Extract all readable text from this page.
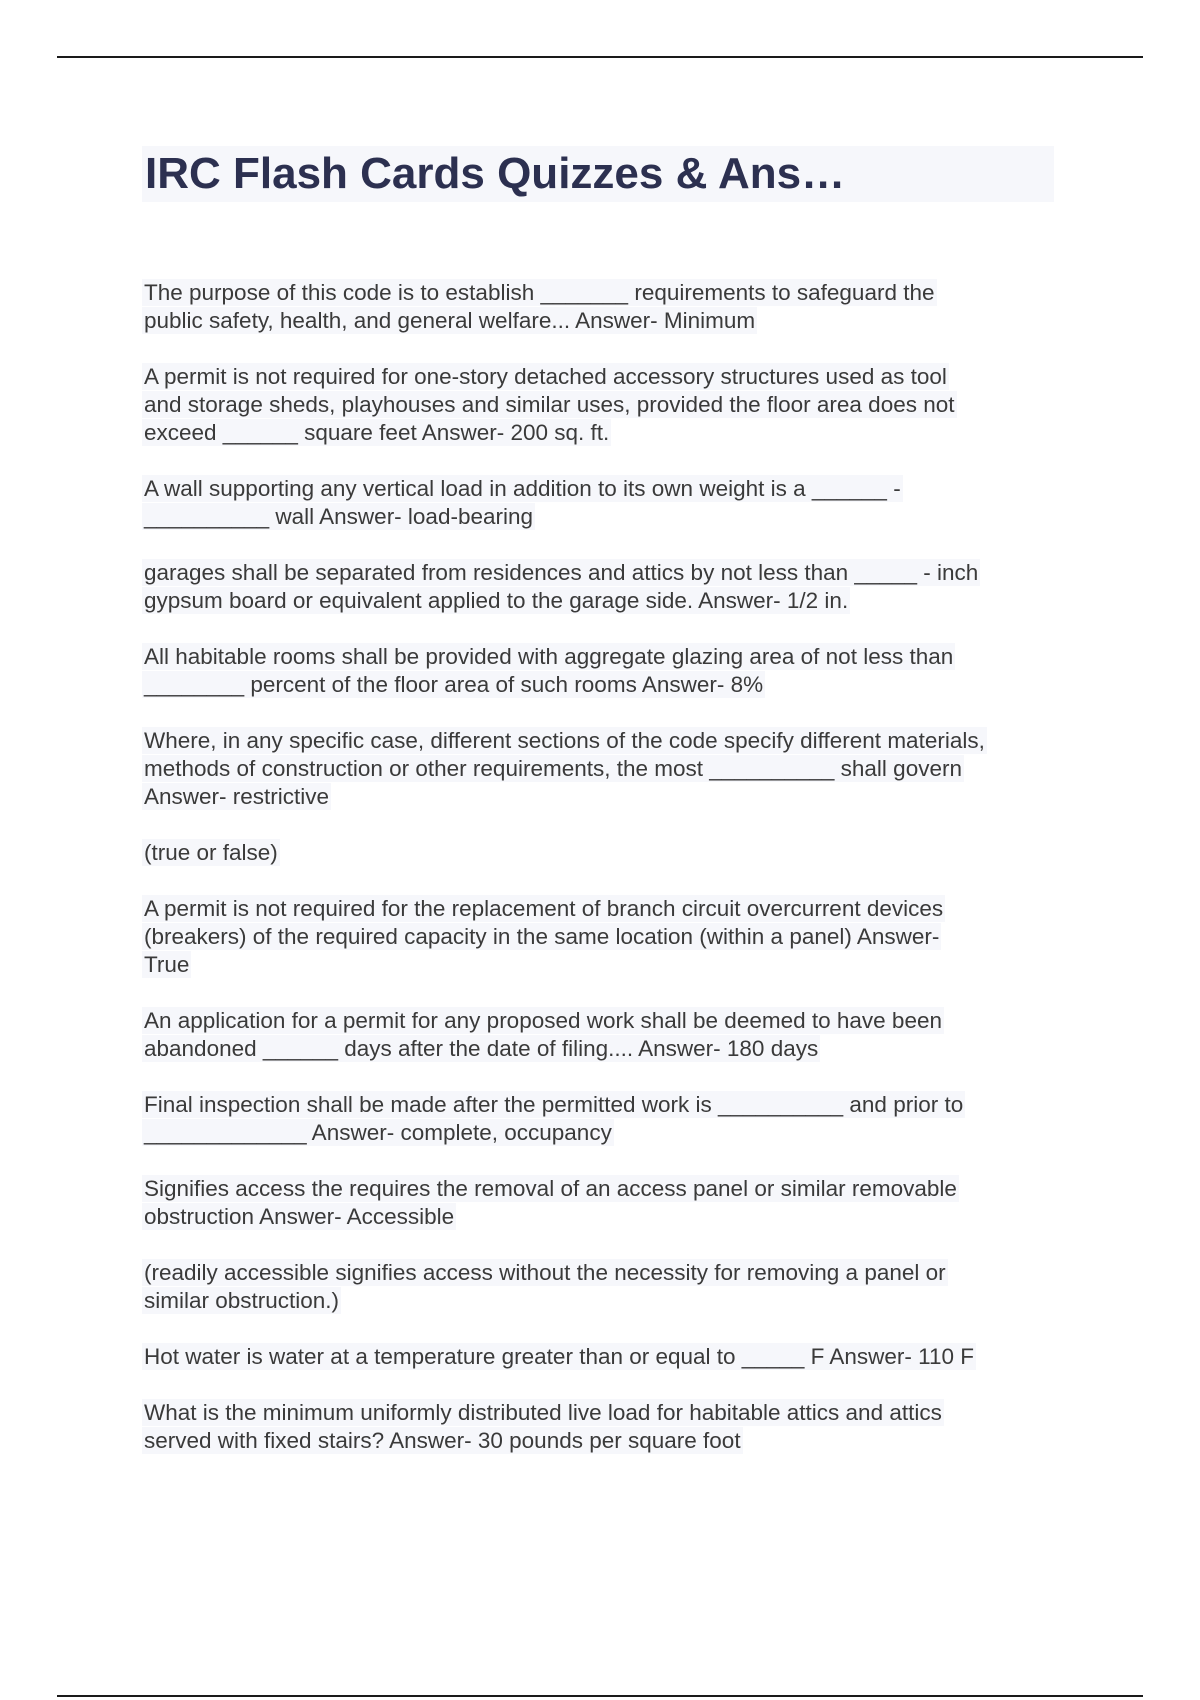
IRC Flash Cards Quizzes & Ans…

The purpose of this code is to establish _______ requirements to safeguard the
public safety, health, and general welfare... Answer- Minimum

A permit is not required for one-story detached accessory structures used as tool
and storage sheds, playhouses and similar uses, provided the floor area does not
exceed ______ square feet Answer- 200 sq. ft.

A wall supporting any vertical load in addition to its own weight is a ______ -
__________ wall Answer- load-bearing

garages shall be separated from residences and attics by not less than _____ - inch
gypsum board or equivalent applied to the garage side. Answer- 1/2 in.

All habitable rooms shall be provided with aggregate glazing area of not less than
________ percent of the floor area of such rooms Answer- 8%

Where, in any specific case, different sections of the code specify different materials,
methods of construction or other requirements, the most __________ shall govern
Answer- restrictive

(true or false)

A permit is not required for the replacement of branch circuit overcurrent devices
(breakers) of the required capacity in the same location (within a panel) Answer-
True

An application for a permit for any proposed work shall be deemed to have been
abandoned ______ days after the date of filing.... Answer- 180 days

Final inspection shall be made after the permitted work is __________ and prior to
_____________ Answer- complete, occupancy

Signifies access the requires the removal of an access panel or similar removable
obstruction Answer- Accessible

(readily accessible signifies access without the necessity for removing a panel or
similar obstruction.)

Hot water is water at a temperature greater than or equal to _____ F Answer- 110 F

What is the minimum uniformly distributed live load for habitable attics and attics
served with fixed stairs? Answer- 30 pounds per square foot
